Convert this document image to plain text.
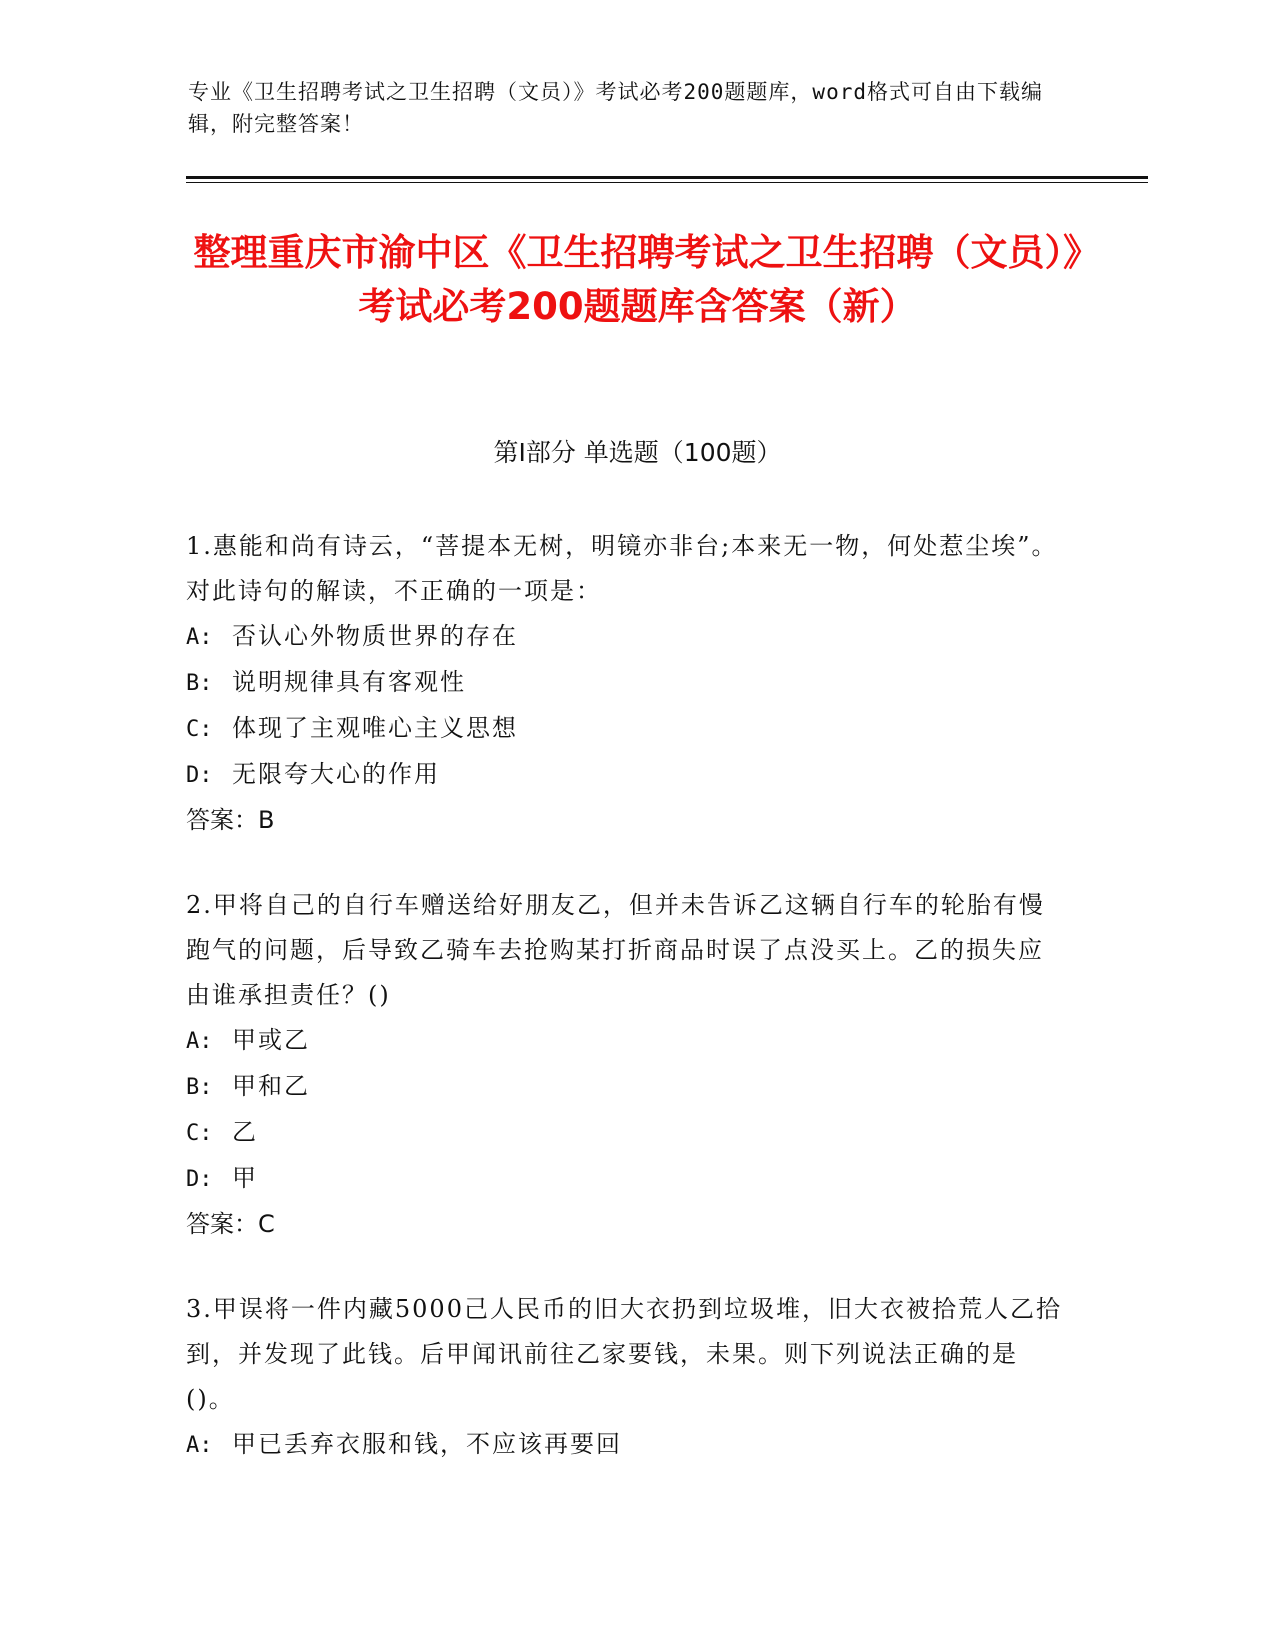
专业《卫生招聘考试之卫生招聘（文员）》考试必考200题题库，word格式可自由下载编辑，附完整答案！
整理重庆市渝中区《卫生招聘考试之卫生招聘（文员）》考试必考200题题库含答案（新）
第Ⅰ部分 单选题（100题）

1.惠能和尚有诗云，“菩提本无树，明镜亦非台;本来无一物，何处惹尘埃”。对此诗句的解读，不正确的一项是：

A: 否认心外物质世界的存在

B: 说明规律具有客观性

C: 体现了主观唯心主义思想

D: 无限夸大心的作用

答案：B

2.甲将自己的自行车赠送给好朋友乙，但并未告诉乙这辆自行车的轮胎有慢跑气的问题，后导致乙骑车去抢购某打折商品时误了点没买上。乙的损失应由谁承担责任？()

A: 甲或乙

B: 甲和乙

C: 乙

D: 甲

答案：C

3.甲误将一件内藏5000己人民币的旧大衣扔到垃圾堆，旧大衣被拾荒人乙拾到，并发现了此钱。后甲闻讯前往乙家要钱，未果。则下列说法正确的是()。

A: 甲已丢弃衣服和钱，不应该再要回
